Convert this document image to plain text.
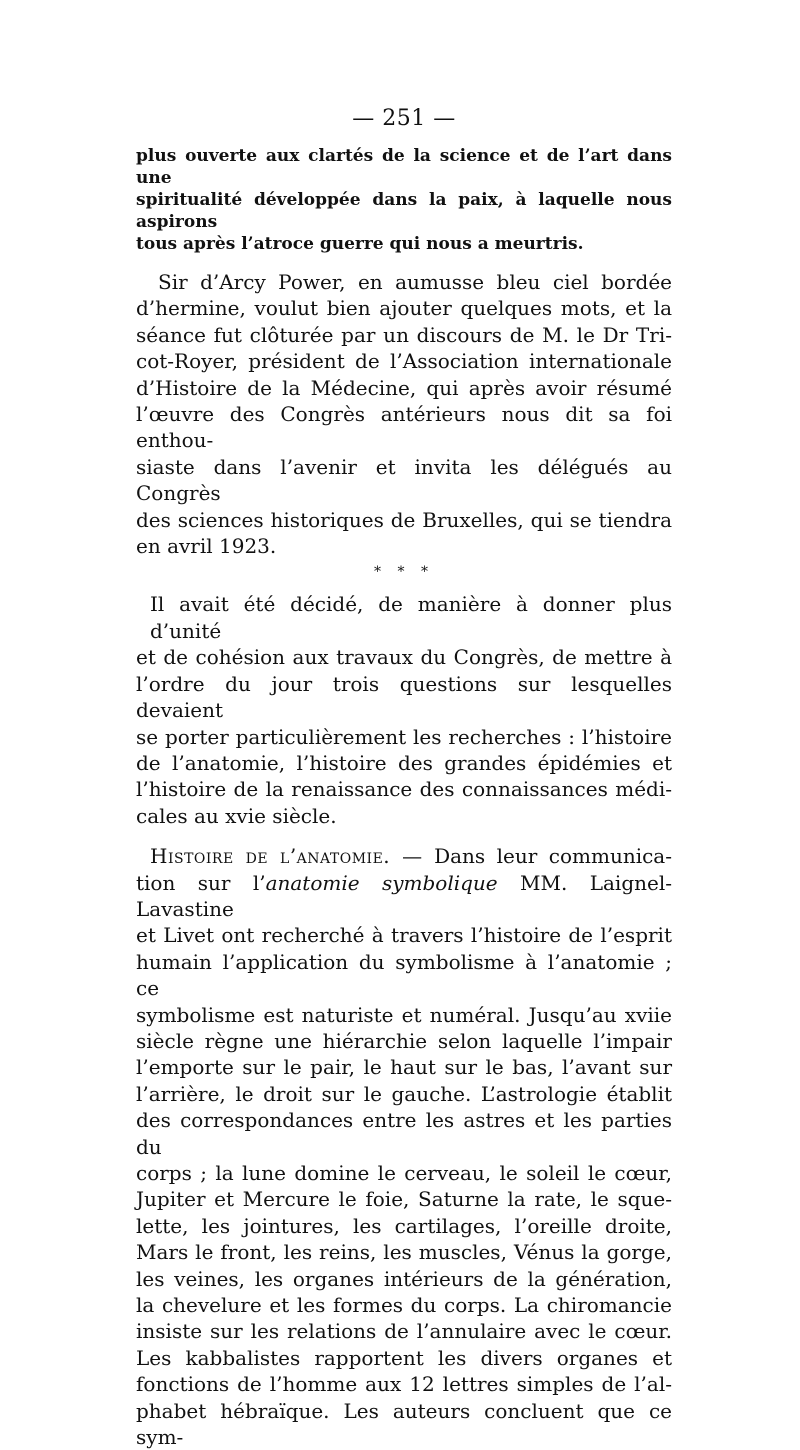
— 251 —
plus ouverte aux clartés de la science et de l’art dans une
spiritualité développée dans la paix, à laquelle nous aspirons
tous après l’atroce guerre qui nous a meurtris.
Sir d’Arcy Power, en aumusse bleu ciel bordée
d’hermine, voulut bien ajouter quelques mots, et la
séance fut clôturée par un discours de M. le Dr Tri-
cot-Royer, président de l’Association internationale
d’Histoire de la Médecine, qui après avoir résumé
l’œuvre des Congrès antérieurs nous dit sa foi enthou-
siaste dans l’avenir et invita les délégués au Congrès
des sciences historiques de Bruxelles, qui se tiendra
en avril 1923.
* * *
Il avait été décidé, de manière à donner plus d’unité
et de cohésion aux travaux du Congrès, de mettre à
l’ordre du jour trois questions sur lesquelles devaient
se porter particulièrement les recherches : l’histoire
de l’anatomie, l’histoire des grandes épidémies et
l’histoire de la renaissance des connaissances médi-
cales au xvie siècle.
Histoire de l’anatomie. — Dans leur communica-
tion sur l’anatomie symbolique MM. Laignel-Lavastine
et Livet ont recherché à travers l’histoire de l’esprit
humain l’application du symbolisme à l’anatomie ; ce
symbolisme est naturiste et numéral. Jusqu’au xviie
siècle règne une hiérarchie selon laquelle l’impair
l’emporte sur le pair, le haut sur le bas, l’avant sur
l’arrière, le droit sur le gauche. L’astrologie établit
des correspondances entre les astres et les parties du
corps ; la lune domine le cerveau, le soleil le cœur,
Jupiter et Mercure le foie, Saturne la rate, le sque-
lette, les jointures, les cartilages, l’oreille droite,
Mars le front, les reins, les muscles, Vénus la gorge,
les veines, les organes intérieurs de la génération,
la chevelure et les formes du corps. La chiromancie
insiste sur les relations de l’annulaire avec le cœur.
Les kabbalistes rapportent les divers organes et
fonctions de l’homme aux 12 lettres simples de l’al-
phabet hébraïque. Les auteurs concluent que ce sym-
